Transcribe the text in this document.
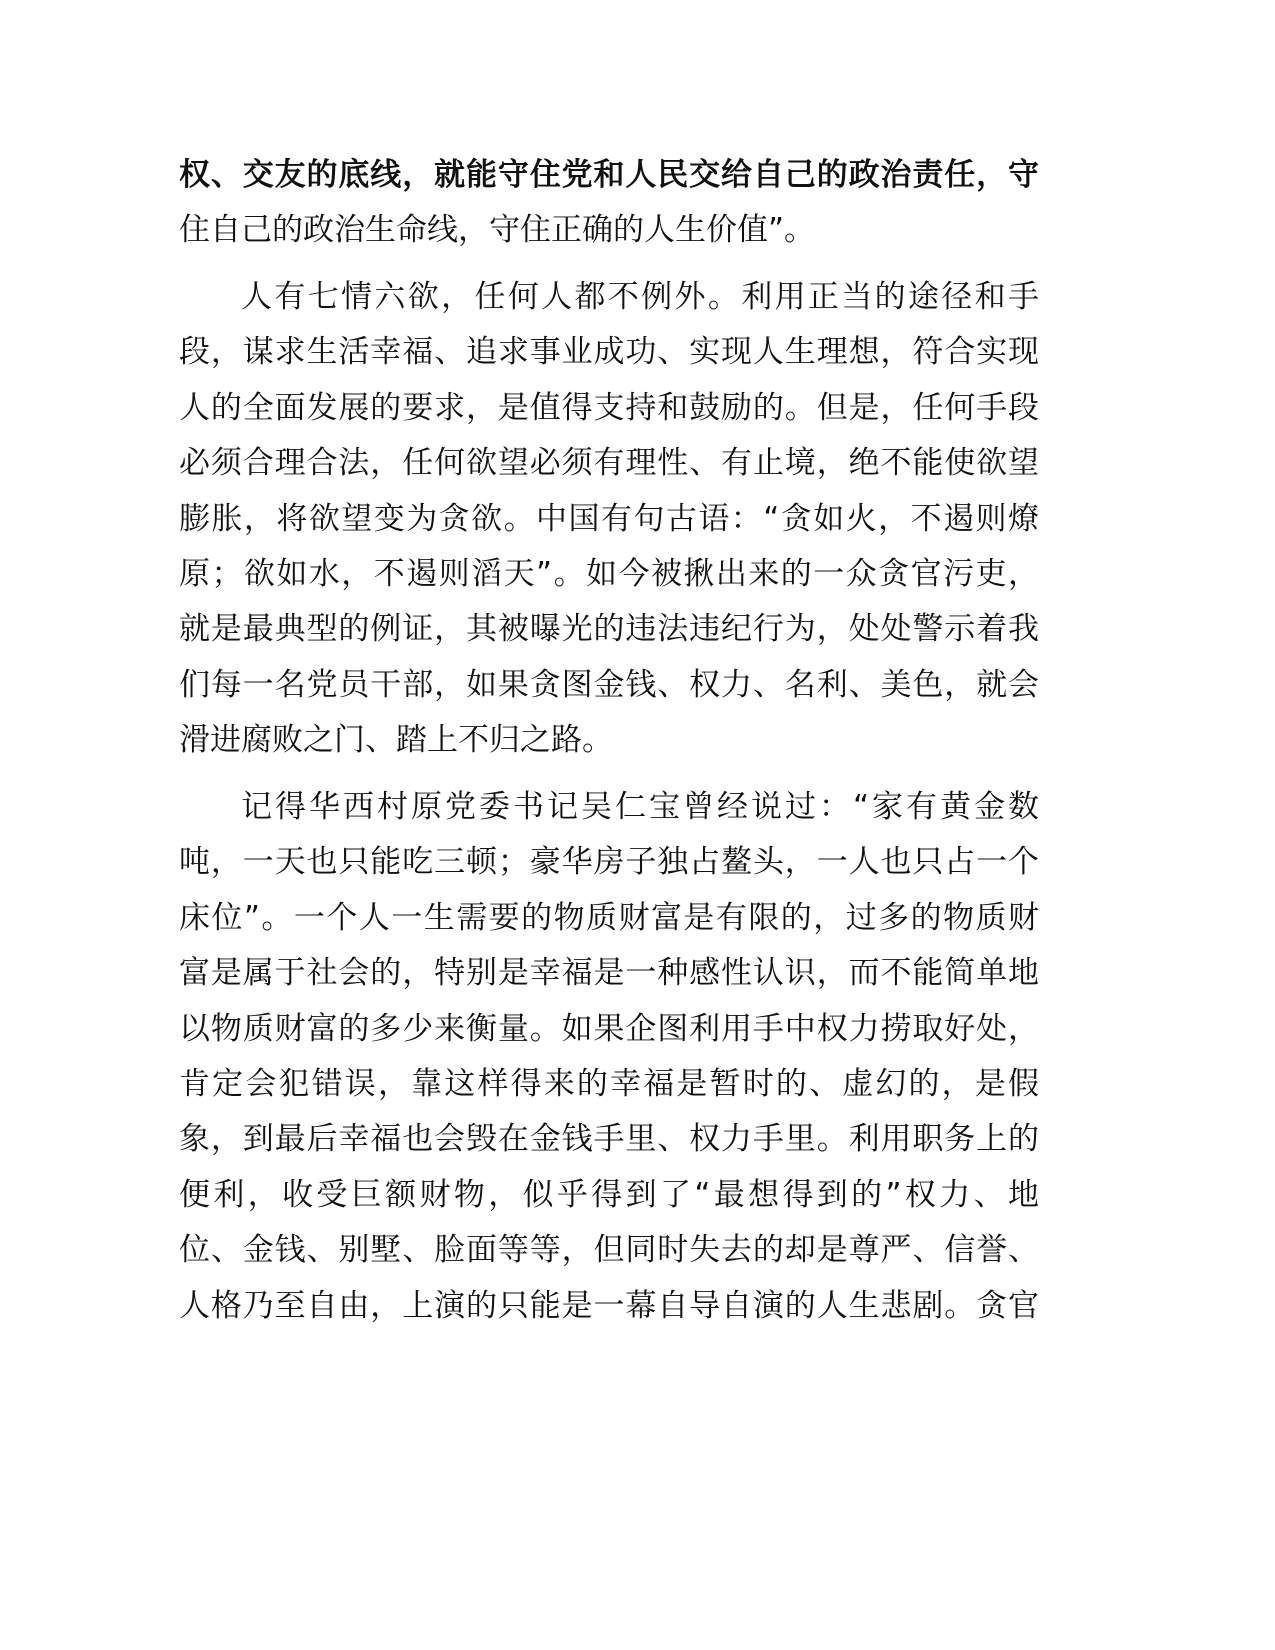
权、交友的底线，就能守住党和人民交给自己的政治责任，守
住自己的政治生命线，守住正确的人生价值”。
人有七情六欲，任何人都不例外。利用正当的途径和手
段，谋求生活幸福、追求事业成功、实现人生理想，符合实现
人的全面发展的要求，是值得支持和鼓励的。但是，任何手段
必须合理合法，任何欲望必须有理性、有止境，绝不能使欲望
膨胀，将欲望变为贪欲。中国有句古语：“贪如火，不遏则燎
原；欲如水，不遏则滔天”。如今被揪出来的一众贪官污吏，
就是最典型的例证，其被曝光的违法违纪行为，处处警示着我
们每一名党员干部，如果贪图金钱、权力、名利、美色，就会
滑进腐败之门、踏上不归之路。
记得华西村原党委书记吴仁宝曾经说过：“家有黄金数
吨，一天也只能吃三顿；豪华房子独占鳌头，一人也只占一个
床位”。一个人一生需要的物质财富是有限的，过多的物质财
富是属于社会的，特别是幸福是一种感性认识，而不能简单地
以物质财富的多少来衡量。如果企图利用手中权力捞取好处，
肯定会犯错误，靠这样得来的幸福是暂时的、虚幻的，是假
象，到最后幸福也会毁在金钱手里、权力手里。利用职务上的
便利，收受巨额财物，似乎得到了“最想得到的”权力、地
位、金钱、别墅、脸面等等，但同时失去的却是尊严、信誉、
人格乃至自由，上演的只能是一幕自导自演的人生悲剧。贪官
